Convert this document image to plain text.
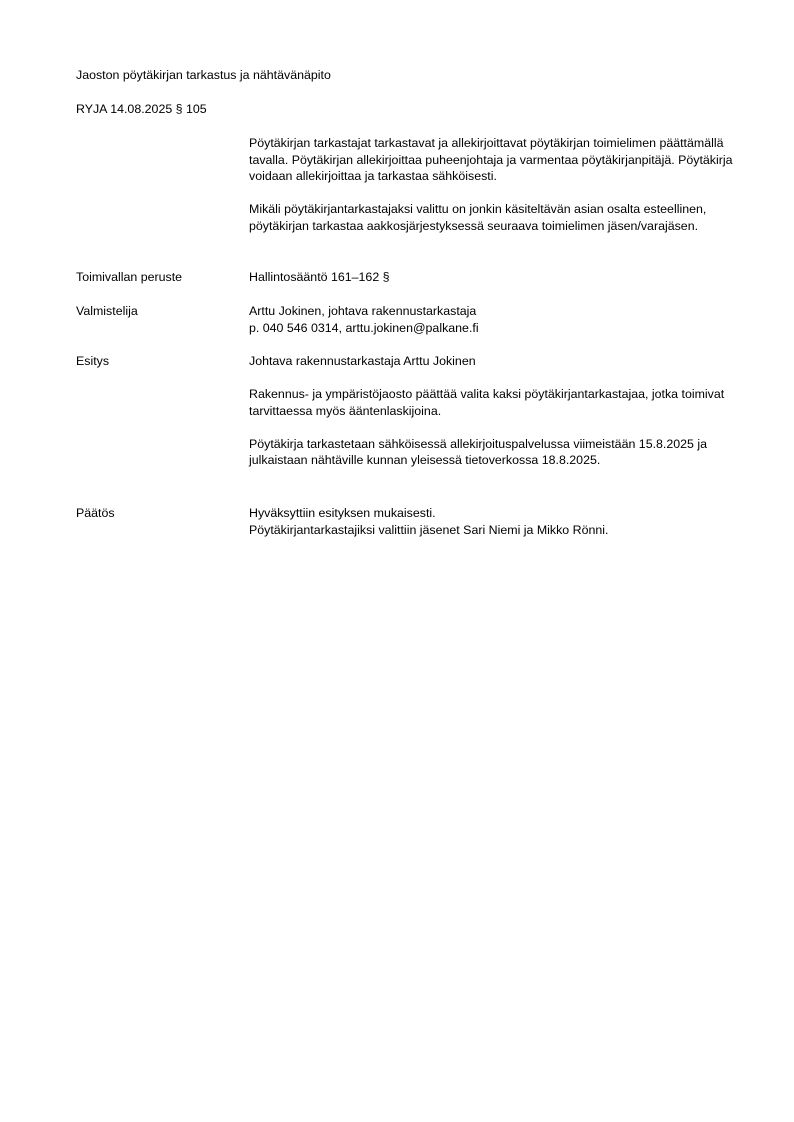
Jaoston pöytäkirjan tarkastus ja nähtävänäpito
RYJA 14.08.2025 § 105

Pöytäkirjan tarkastajat tarkastavat ja allekirjoittavat pöytäkirjan toimielimen päättämällä tavalla. Pöytäkirjan allekirjoittaa puheenjohtaja ja varmentaa pöytäkirjanpitäjä. Pöytäkirja voidaan allekirjoittaa ja tarkastaa sähköisesti.

Mikäli pöytäkirjantarkastajaksi valittu on jonkin käsiteltävän asian osalta esteellinen, pöytäkirjan tarkastaa aakkosjärjestyksessä seuraava toimielimen jäsen/varajäsen.

Toimivallan peruste	Hallintosääntö 161–162 §

Valmistelija	Arttu Jokinen, johtava rakennustarkastaja
p. 040 546 0314, arttu.jokinen@palkane.fi
Esitys	Johtava rakennustarkastaja Arttu Jokinen

Rakennus- ja ympäristöjaosto päättää valita kaksi pöytäkirjantarkastajaa, jotka toimivat tarvittaessa myös ääntenlaskijoina.

Pöytäkirja tarkastetaan sähköisessä allekirjoituspalvelussa viimeistään 15.8.2025 ja julkaistaan nähtäville kunnan yleisessä tietoverkossa 18.8.2025.

Päätös	Hyväksyttiin esityksen mukaisesti.
Pöytäkirjantarkastajiksi valittiin jäsenet Sari Niemi ja Mikko Rönni.
